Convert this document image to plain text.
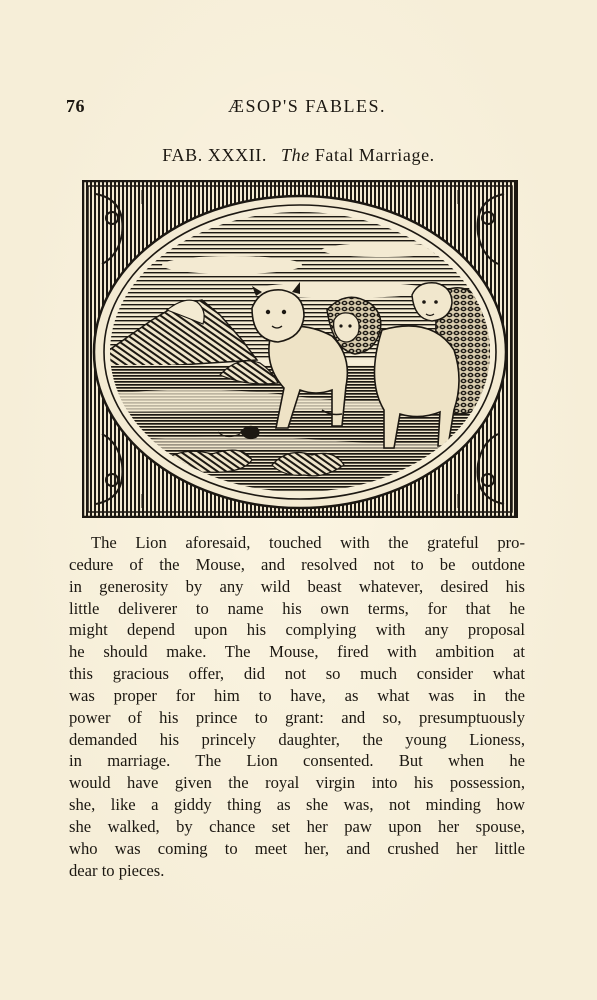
76	ÆSOP'S FABLES.
FAB. XXXII. The Fatal Marriage.
The Lion aforesaid, touched with the grateful pro-
cedure of the Mouse, and resolved not to be outdone
in generosity by any wild beast whatever, desired his
little deliverer to name his own terms, for that he
might depend upon his complying with any proposal
he should make. The Mouse, fired with ambition at
this gracious offer, did not so much consider what
was proper for him to have, as what was in the
power of his prince to grant: and so, presumptuously
demanded his princely daughter, the young Lioness,
in marriage. The Lion consented. But when he
would have given the royal virgin into his possession,
she, like a giddy thing as she was, not minding how
she walked, by chance set her paw upon her spouse,
who was coming to meet her, and crushed her little
dear to pieces.
